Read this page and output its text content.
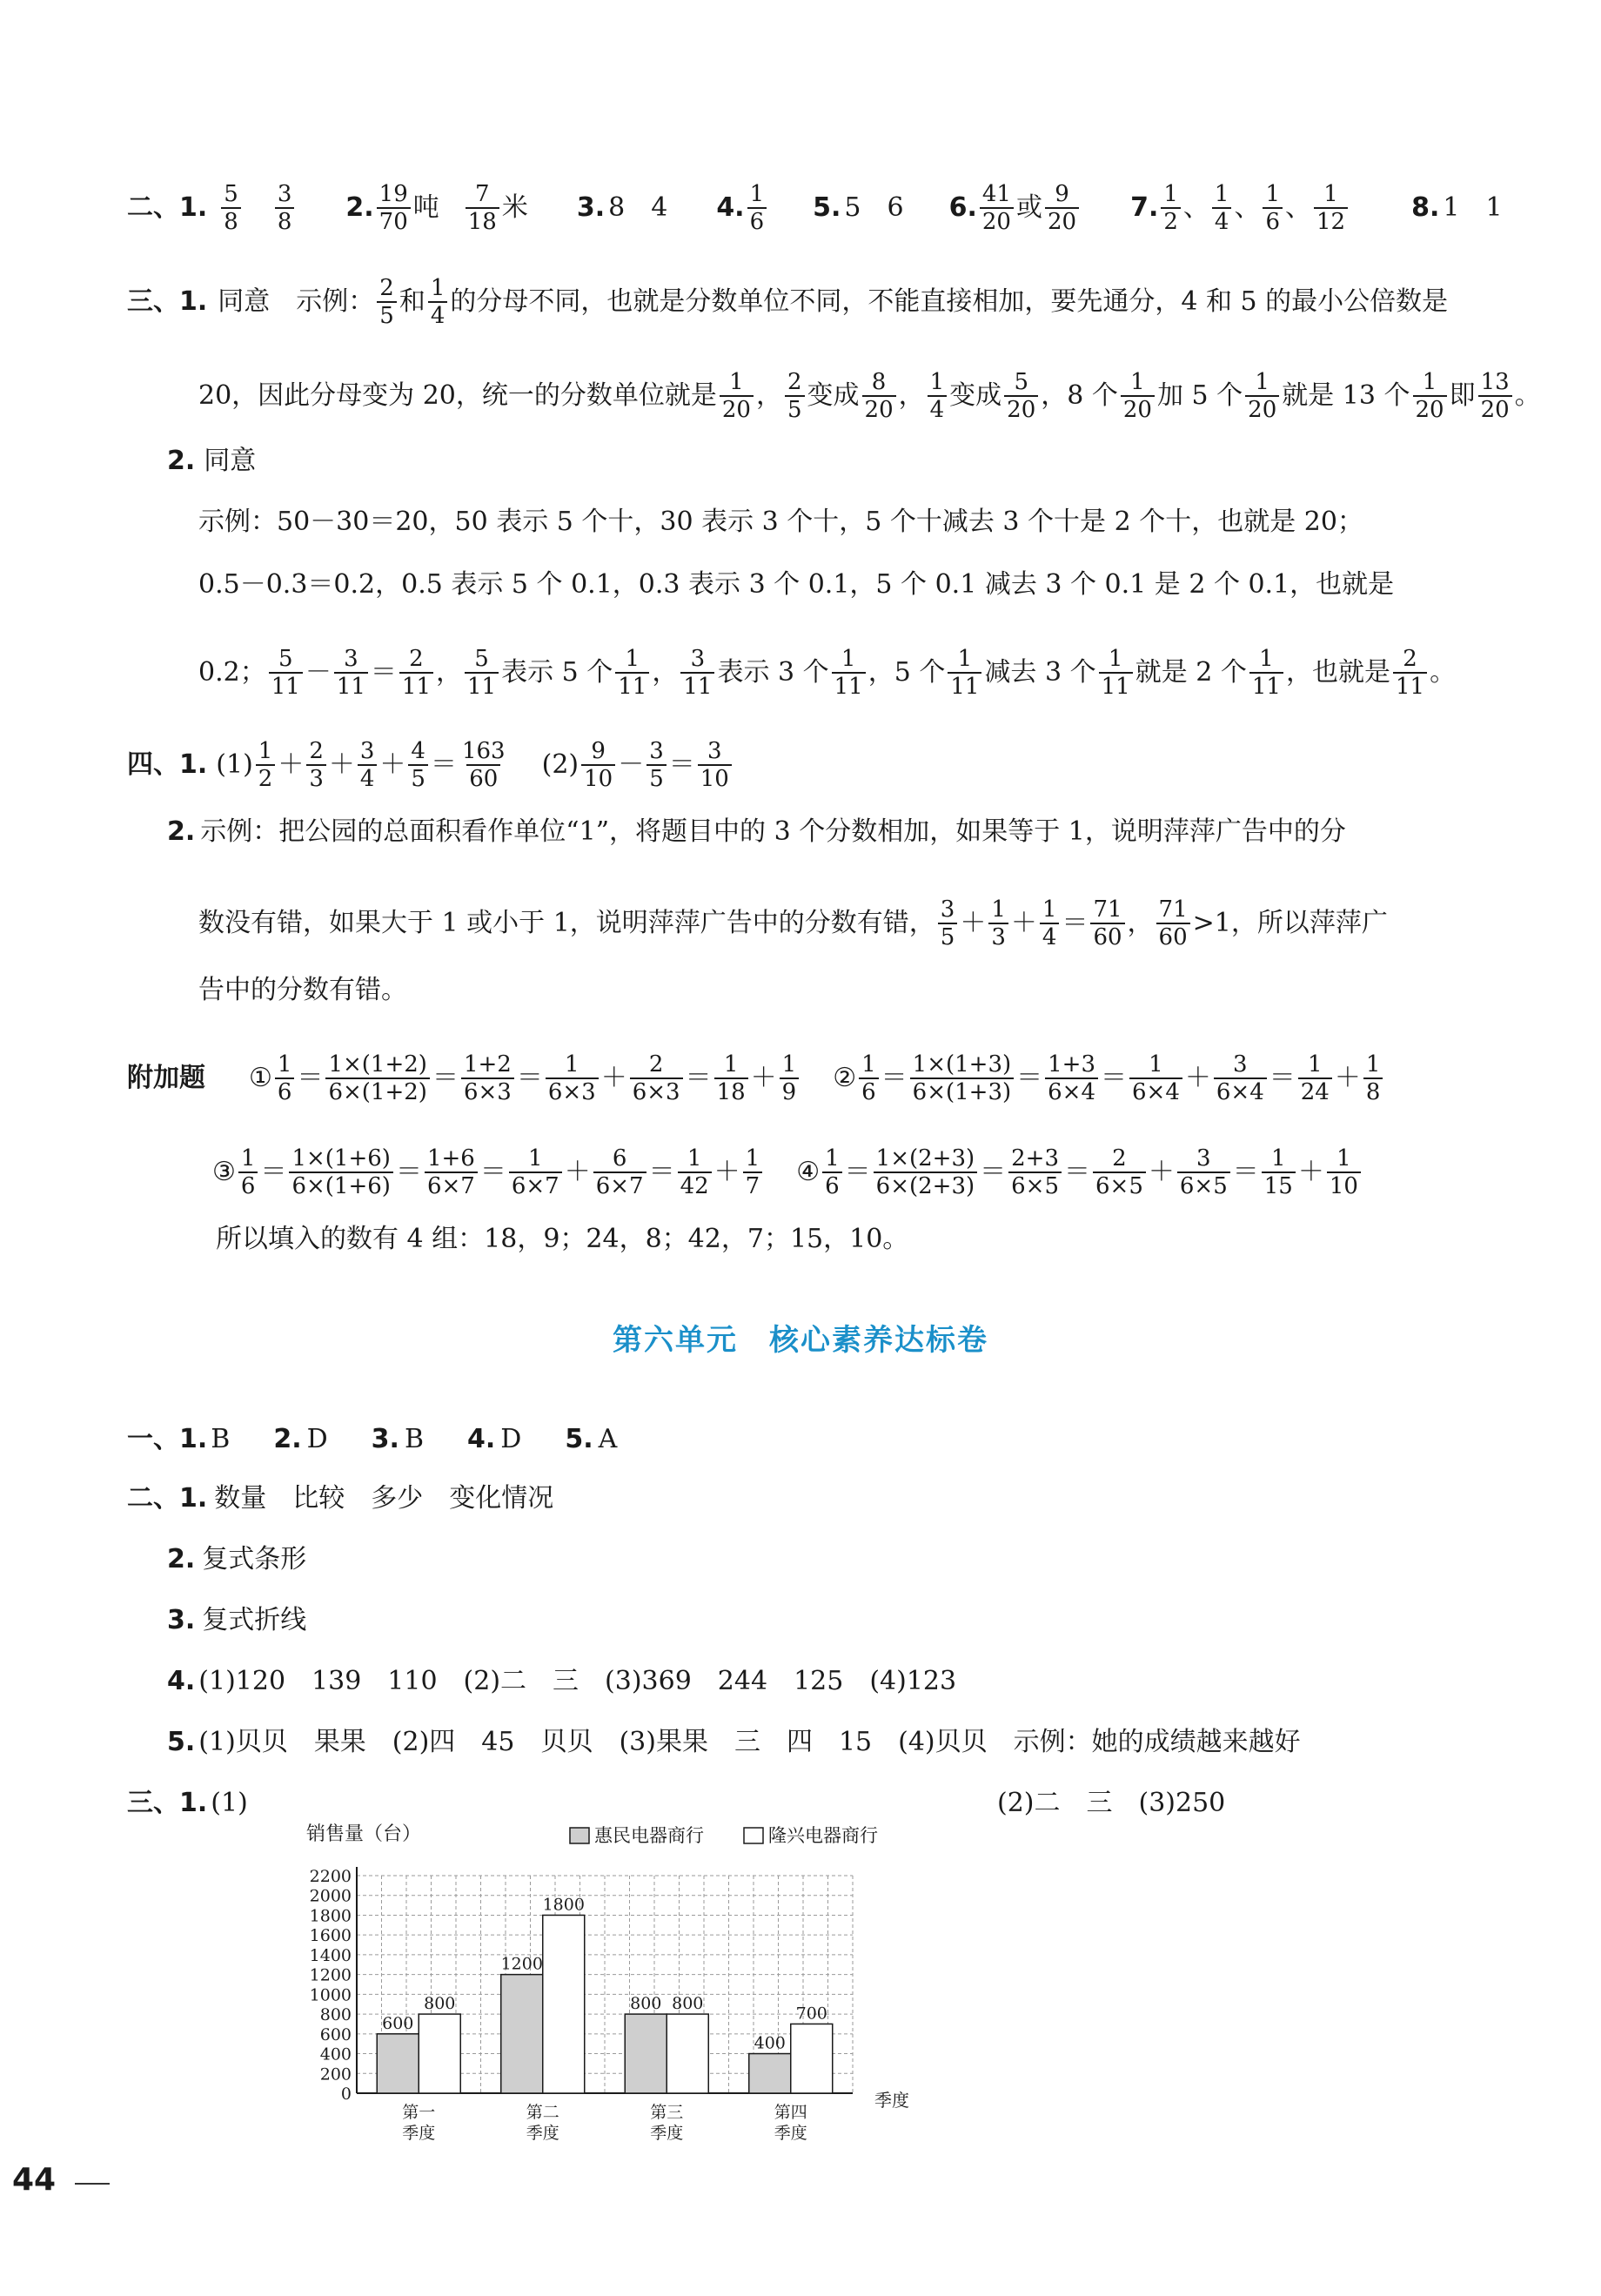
二、1. 5
8
3
8 2. 19
70 吨 7
18 米 3. 8　4 4. 1
6 5. 5　6 6. 41
20 或 9
20 7. 1
2 、 1
4 、 1
6 、 1
12	8. 1　1
三、1. 同意　示例： 2
5 和 1
4 的分母不同，也就是分数单位不同，不能直接相加，要先通分，4 和 5 的最小公倍数是
20，因此分母变为 20，统一的分数单位就是 1
20 ， 2
5 变成 8
20 ， 1
4 变成 5
20 ，8 个 1
20 加 5 个 1
20 就是 13 个 1
20 即 13
20 。
2. 同意
示例：50－30＝20，50 表示 5 个十，30 表示 3 个十，5 个十减去 3 个十是 2 个十，也就是 20；
0.5－0.3＝0.2，0.5 表示 5 个 0.1，0.3 表示 3 个 0.1，5 个 0.1 减去 3 个 0.1 是 2 个 0.1，也就是
0.2； 5
11 － 3
11 ＝ 2
11 ， 5
11 表示 5 个 1
11 ， 3
11 表示 3 个 1
11 ，5 个 1
11 减去 3 个 1
11 就是 2 个 1
11 ，也就是 2
11 。
四、1. (1) 1
2 ＋ 2
3 ＋ 3
4 ＋ 4
5 ＝ 163
60 (2) 9
10 － 3
5 ＝ 3
10
2. 示例：把公园的总面积看作单位“1”，将题目中的 3 个分数相加，如果等于 1，说明萍萍广告中的分
数没有错，如果大于 1 或小于 1，说明萍萍广告中的分数有错， 3
5 ＋ 1
3 ＋ 1
4 ＝ 71
60 ， 71
60 >1，所以萍萍广
告中的分数有错。
附加题	① 1
6 ＝ 1×(1+2)
6×(1+2) ＝ 1+2
6×3 ＝ 1
6×3 ＋ 2
6×3 ＝ 1
18 ＋ 1
9 ② 1
6 ＝ 1×(1+3)
6×(1+3) ＝ 1+3
6×4 ＝ 1
6×4 ＋ 3
6×4 ＝ 1
24 ＋ 1
8
③ 1
6 ＝ 1×(1+6)
6×(1+6) ＝ 1+6
6×7 ＝ 1
6×7 ＋ 6
6×7 ＝ 1
42 ＋ 1
7 ④ 1
6 ＝ 1×(2+3)
6×(2+3) ＝ 2+3
6×5 ＝ 2
6×5 ＋ 3
6×5 ＝ 1
15 ＋ 1
10
所以填入的数有 4 组：18，9；24，8；42，7；15，10。
第六单元　核心素养达标卷
一、1. B 2. D 3. B 4. D 5. A
二、1. 数量　比较　多少　变化情况
2. 复式条形
3. 复式折线
4. (1)120　139　110　(2)二　三　(3)369　244　125　(4)123
5. (1)贝贝　果果　(2)四　45　贝贝　(3)果果　三　四　15　(4)贝贝　示例：她的成绩越来越好
三、1. (1)	(2)二　三　(3)250
销售量（台）	惠民电器商行	隆兴电器商行
0
200
400
600
800
1000
1200
1400
1600
1800
2000
2200
600
800
1200
1800
800 800
400
700
第一
季度
第二
季度
第三
季度
第四
季度
季度
44
